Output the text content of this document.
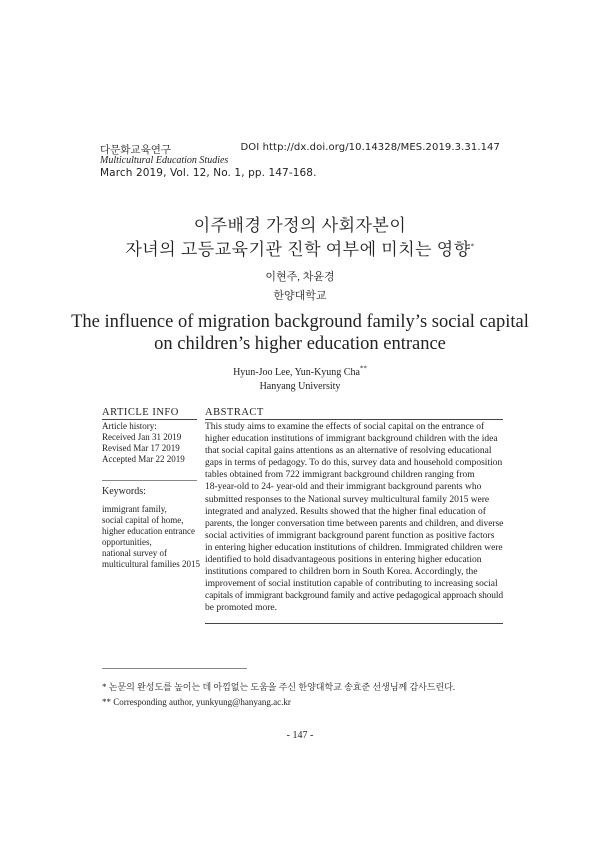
다문화교육연구
Multicultural Education Studies
March 2019, Vol. 12, No. 1, pp. 147-168.
DOI http://dx.doi.org/10.14328/MES.2019.3.31.147
이주배경 가정의 사회자본이
자녀의 고등교육기관 진학 여부에 미치는 영향*
이현주, 차윤경
한양대학교
The influence of migration background family’s social capital
on children’s higher education entrance
Hyun-Joo Lee, Yun-Kyung Cha**
Hanyang University
ARTICLE INFO ABSTRACT
Article history:
Received Jan 31 2019
Revised Mar 17 2019
Accepted Mar 22 2019
Keywords:
immigrant family,
social capital of home,
higher education entrance
opportunities,
national survey of
multicultural families 2015
This study aims to examine the effects of social capital on the entrance of
higher education institutions of immigrant background children with the idea
that social capital gains attentions as an alternative of resolving educational
gaps in terms of pedagogy. To do this, survey data and household composition
tables obtained from 722 immigrant background children ranging from
18-year-old to 24- year-old and their immigrant background parents who
submitted responses to the National survey multicultural family 2015 were
integrated and analyzed. Results showed that the higher final education of
parents, the longer conversation time between parents and children, and diverse
social activities of immigrant background parent function as positive factors
in entering higher education institutions of children. Immigrated children were
identified to hold disadvantageous positions in entering higher education
institutions compared to children born in South Korea. Accordingly, the
improvement of social institution capable of contributing to increasing social
capitals of immigrant background family and active pedagogical approach should
be promoted more.
* 논문의 완성도를 높이는 데 아낌없는 도움을 주신 한양대학교 송효준 선생님께 감사드린다.
** Corresponding author, yunkyung@hanyang.ac.kr
- 147 -
